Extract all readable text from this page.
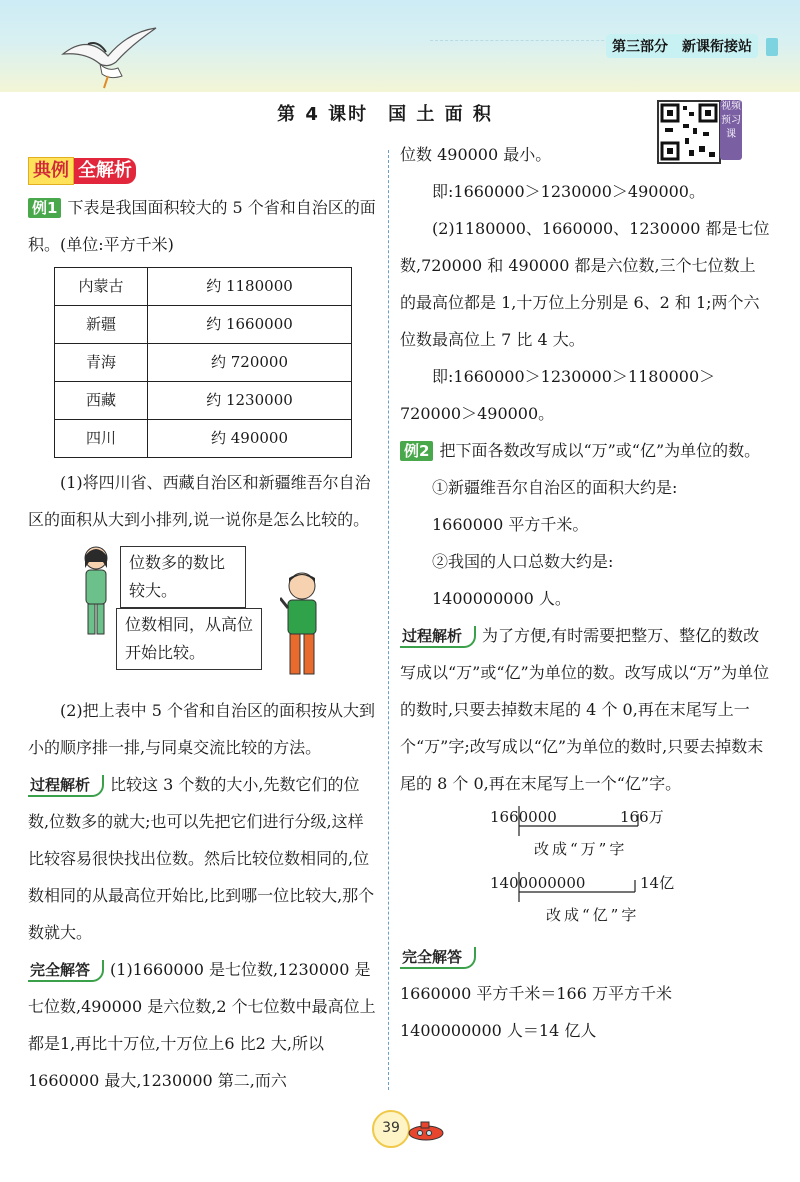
第三部分　新课衔接站
第 4 课时　国 土 面 积	视频预习课
典例 全解析

例1 下表是我国面积较大的 5 个省和自治区的面积。(单位:平方千米)

内蒙古	约 1180000
新疆	约 1660000
青海	约 720000
西藏	约 1230000
四川	约 490000

(1)将四川省、西藏自治区和新疆维吾尔自治区的面积从大到小排列,说一说你是怎么比较的。

位数多的数比较大。
位数相同，从高位开始比较。

(2)把上表中 5 个省和自治区的面积按从大到小的顺序排一排,与同桌交流比较的方法。

过程解析 比较这 3 个数的大小,先数它们的位数,位数多的就大;也可以先把它们进行分级,这样比较容易很快找出位数。然后比较位数相同的,位数相同的从最高位开始比,比到哪一位比较大,那个数就大。

完全解答 (1)1660000 是七位数,1230000 是七位数,490000 是六位数,2 个七位数中最高位上都是1,再比十万位,十万位上6 比2 大,所以 1660000 最大,1230000 第二,而六

位数 490000 最小。

即:1660000＞1230000＞490000。

(2)1180000、1660000、1230000 都是七位数,720000 和 490000 都是六位数,三个七位数上的最高位都是 1,十万位上分别是 6、2 和 1;两个六位数最高位上 7 比 4 大。

即:1660000＞1230000＞1180000＞720000＞490000。

例2 把下面各数改写成以“万”或“亿”为单位的数。

①新疆维吾尔自治区的面积大约是:

1660000 平方千米。

②我国的人口总数大约是:

1400000000 人。

过程解析 为了方便,有时需要把整万、整亿的数改写成以“万”或“亿”为单位的数。改写成以“万”为单位的数时,只要去掉数末尾的 4 个 0,再在末尾写上一个“万”字;改写成以“亿”为单位的数时,只要去掉数末尾的 8 个 0,再在末尾写上一个“亿”字。

1660000	166万
改成“万”字
1400000000	14亿
改成“亿”字

完全解答

1660000 平方千米＝166 万平方千米

1400000000 人＝14 亿人

39
